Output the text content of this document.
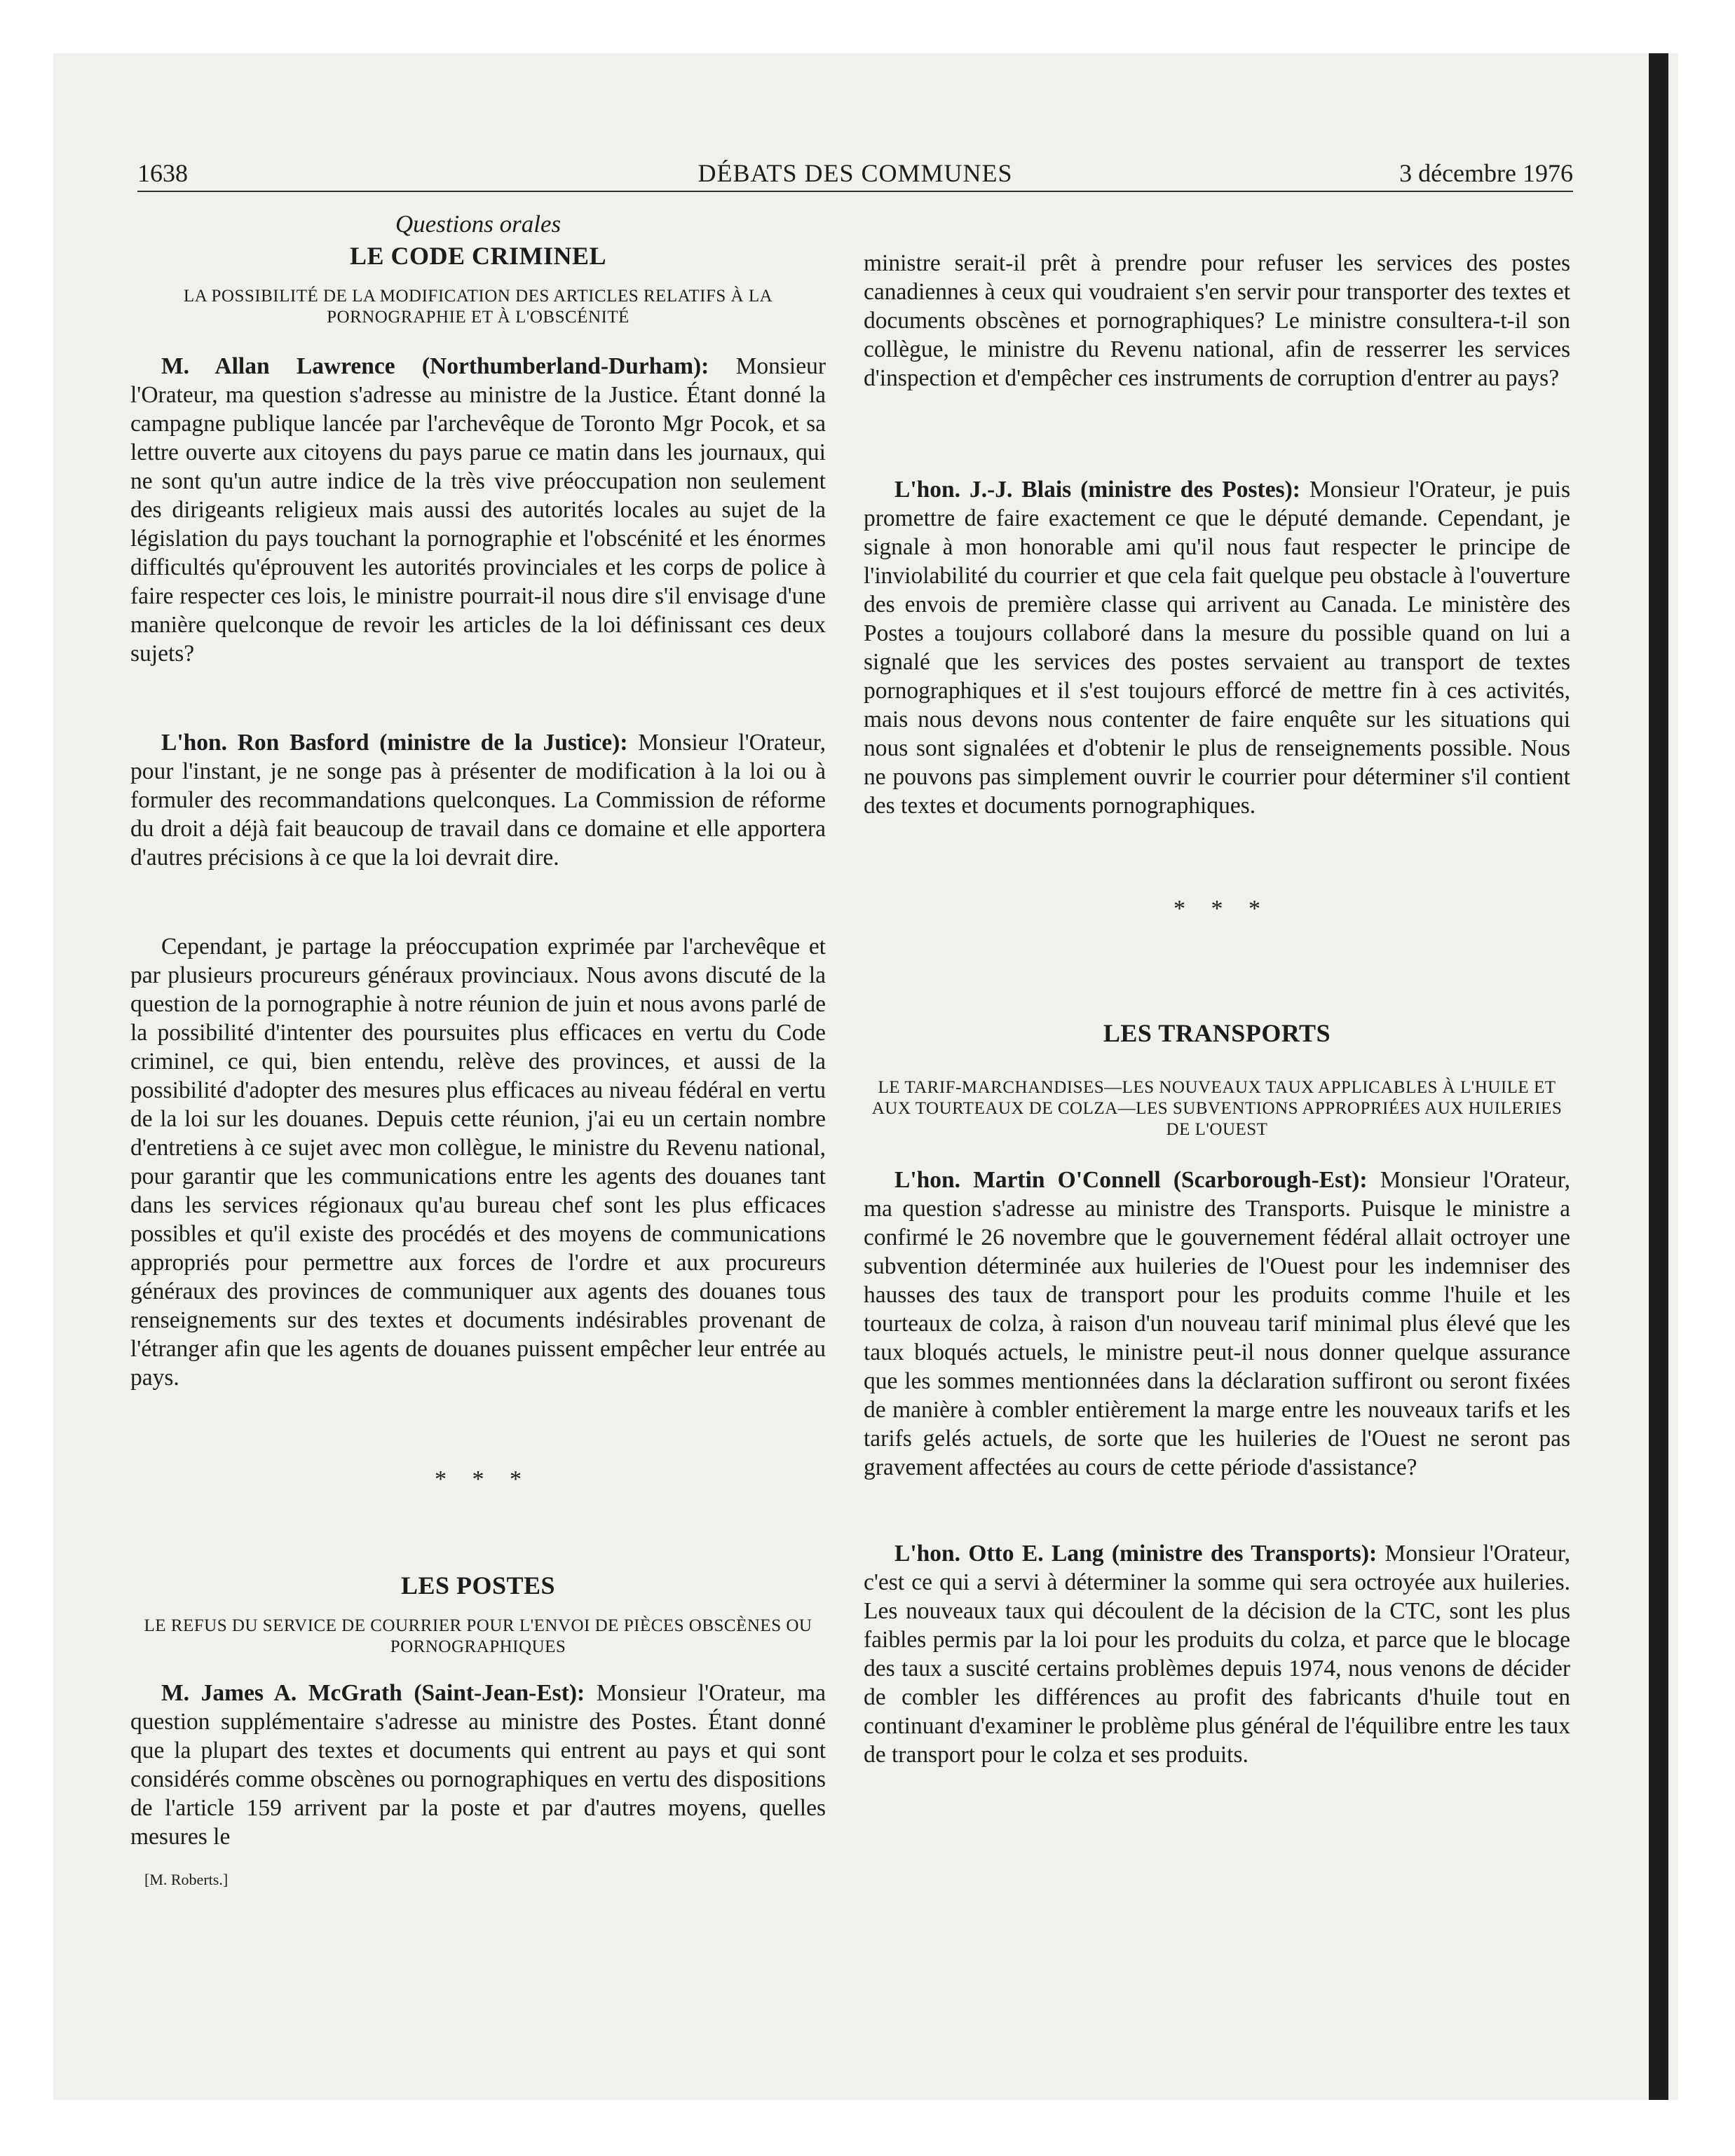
1638	DÉBATS DES COMMUNES	3 décembre 1976

Questions orales

LE CODE CRIMINEL

LA POSSIBILITÉ DE LA MODIFICATION DES ARTICLES RELATIFS À LA PORNOGRAPHIE ET À L'OBSCÉNITÉ

M. Allan Lawrence (Northumberland-Durham): Monsieur l'Orateur, ma question s'adresse au ministre de la Justice. Étant donné la campagne publique lancée par l'archevêque de Toronto Mgr Pocok, et sa lettre ouverte aux citoyens du pays parue ce matin dans les journaux, qui ne sont qu'un autre indice de la très vive préoccupation non seulement des dirigeants religieux mais aussi des autorités locales au sujet de la législation du pays touchant la pornographie et l'obscénité et les énormes difficultés qu'éprouvent les autorités provinciales et les corps de police à faire respecter ces lois, le ministre pourrait-il nous dire s'il envisage d'une manière quelconque de revoir les articles de la loi définissant ces deux sujets?

L'hon. Ron Basford (ministre de la Justice): Monsieur l'Orateur, pour l'instant, je ne songe pas à présenter de modification à la loi ou à formuler des recommandations quelconques. La Commission de réforme du droit a déjà fait beaucoup de travail dans ce domaine et elle apportera d'autres précisions à ce que la loi devrait dire.

Cependant, je partage la préoccupation exprimée par l'archevêque et par plusieurs procureurs généraux provinciaux. Nous avons discuté de la question de la pornographie à notre réunion de juin et nous avons parlé de la possibilité d'intenter des poursuites plus efficaces en vertu du Code criminel, ce qui, bien entendu, relève des provinces, et aussi de la possibilité d'adopter des mesures plus efficaces au niveau fédéral en vertu de la loi sur les douanes. Depuis cette réunion, j'ai eu un certain nombre d'entretiens à ce sujet avec mon collègue, le ministre du Revenu national, pour garantir que les communications entre les agents des douanes tant dans les services régionaux qu'au bureau chef sont les plus efficaces possibles et qu'il existe des procédés et des moyens de communications appropriés pour permettre aux forces de l'ordre et aux procureurs généraux des provinces de communiquer aux agents des douanes tous renseignements sur des textes et documents indésirables provenant de l'étranger afin que les agents de douanes puissent empêcher leur entrée au pays.

* * *

LES POSTES

LE REFUS DU SERVICE DE COURRIER POUR L'ENVOI DE PIÈCES OBSCÈNES OU PORNOGRAPHIQUES

M. James A. McGrath (Saint-Jean-Est): Monsieur l'Orateur, ma question supplémentaire s'adresse au ministre des Postes. Étant donné que la plupart des textes et documents qui entrent au pays et qui sont considérés comme obscènes ou pornographiques en vertu des dispositions de l'article 159 arrivent par la poste et par d'autres moyens, quelles mesures le

[M. Roberts.]

ministre serait-il prêt à prendre pour refuser les services des postes canadiennes à ceux qui voudraient s'en servir pour transporter des textes et documents obscènes et pornographiques? Le ministre consultera-t-il son collègue, le ministre du Revenu national, afin de resserrer les services d'inspection et d'empêcher ces instruments de corruption d'entrer au pays?

L'hon. J.-J. Blais (ministre des Postes): Monsieur l'Orateur, je puis promettre de faire exactement ce que le député demande. Cependant, je signale à mon honorable ami qu'il nous faut respecter le principe de l'inviolabilité du courrier et que cela fait quelque peu obstacle à l'ouverture des envois de première classe qui arrivent au Canada. Le ministère des Postes a toujours collaboré dans la mesure du possible quand on lui a signalé que les services des postes servaient au transport de textes pornographiques et il s'est toujours efforcé de mettre fin à ces activités, mais nous devons nous contenter de faire enquête sur les situations qui nous sont signalées et d'obtenir le plus de renseignements possible. Nous ne pouvons pas simplement ouvrir le courrier pour déterminer s'il contient des textes et documents pornographiques.

* * *

LES TRANSPORTS

LE TARIF-MARCHANDISES—LES NOUVEAUX TAUX APPLICABLES À L'HUILE ET AUX TOURTEAUX DE COLZA—LES SUBVENTIONS APPROPRIÉES AUX HUILERIES DE L'OUEST

L'hon. Martin O'Connell (Scarborough-Est): Monsieur l'Orateur, ma question s'adresse au ministre des Transports. Puisque le ministre a confirmé le 26 novembre que le gouvernement fédéral allait octroyer une subvention déterminée aux huileries de l'Ouest pour les indemniser des hausses des taux de transport pour les produits comme l'huile et les tourteaux de colza, à raison d'un nouveau tarif minimal plus élevé que les taux bloqués actuels, le ministre peut-il nous donner quelque assurance que les sommes mentionnées dans la déclaration suffiront ou seront fixées de manière à combler entièrement la marge entre les nouveaux tarifs et les tarifs gelés actuels, de sorte que les huileries de l'Ouest ne seront pas gravement affectées au cours de cette période d'assistance?

L'hon. Otto E. Lang (ministre des Transports): Monsieur l'Orateur, c'est ce qui a servi à déterminer la somme qui sera octroyée aux huileries. Les nouveaux taux qui découlent de la décision de la CTC, sont les plus faibles permis par la loi pour les produits du colza, et parce que le blocage des taux a suscité certains problèmes depuis 1974, nous venons de décider de combler les différences au profit des fabricants d'huile tout en continuant d'examiner le problème plus général de l'équilibre entre les taux de transport pour le colza et ses produits.
